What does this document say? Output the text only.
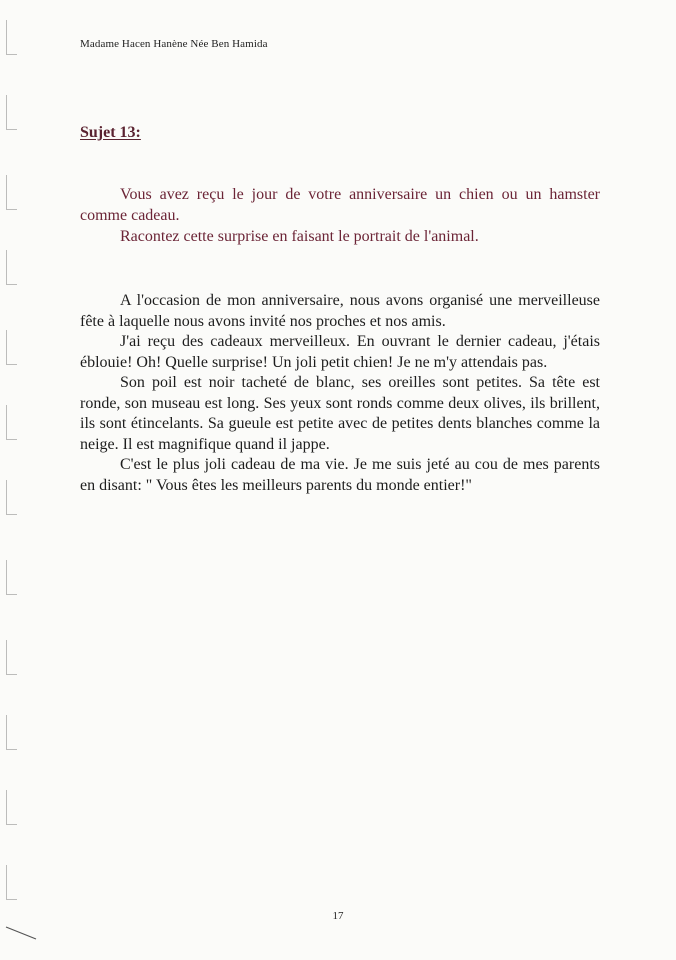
Madame Hacen Hanène Née Ben Hamida
Sujet 13:

Vous avez reçu le jour de votre anniversaire un chien ou un hamster comme cadeau.

Racontez cette surprise en faisant le portrait de l'animal.

A l'occasion de mon anniversaire, nous avons organisé une merveilleuse fête à laquelle nous avons invité nos proches et nos amis.

J'ai reçu des cadeaux merveilleux. En ouvrant le dernier cadeau, j'étais éblouie! Oh! Quelle surprise! Un joli petit chien! Je ne m'y attendais pas.

Son poil est noir tacheté de blanc, ses oreilles sont petites. Sa tête est ronde, son museau est long. Ses yeux sont ronds comme deux olives, ils brillent, ils sont étincelants. Sa gueule est petite avec de petites dents blanches comme la neige. Il est magnifique quand il jappe.

C'est le plus joli cadeau de ma vie. Je me suis jeté au cou de mes parents en disant: " Vous êtes les meilleurs parents du monde entier!"

17
